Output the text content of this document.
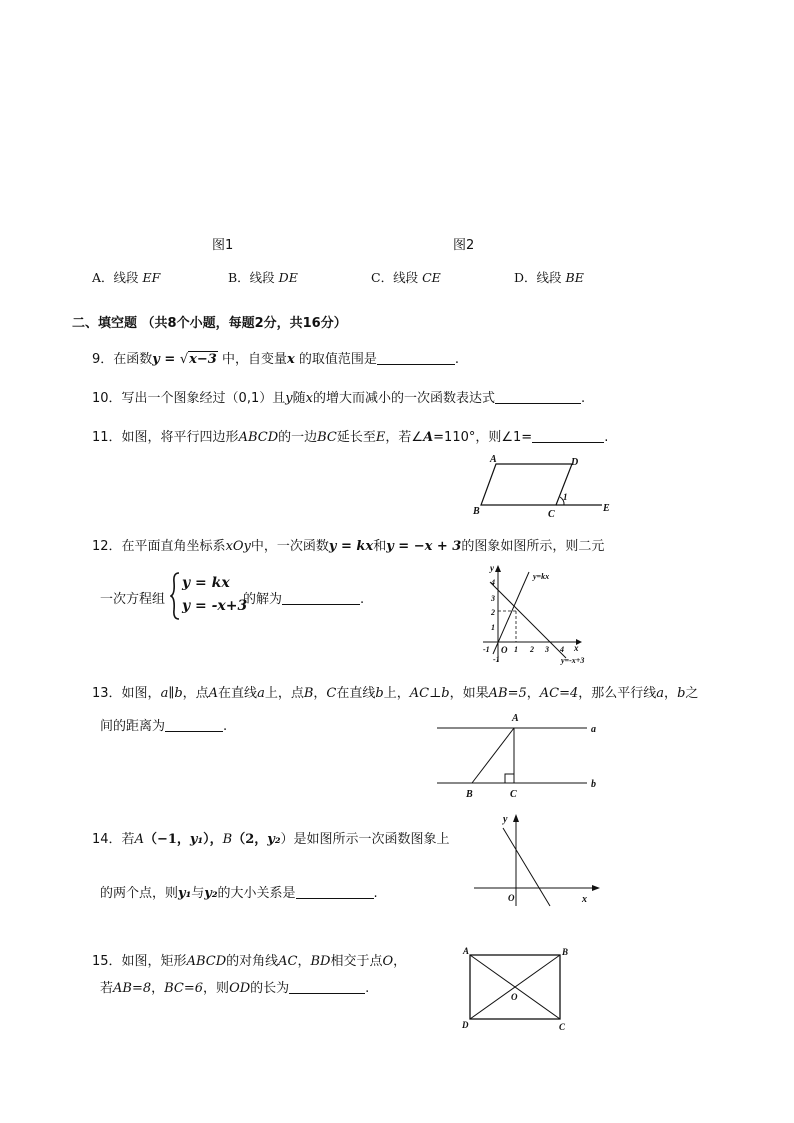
图1	图2
A．线段 EF	B．线段 DE	C．线段 CE	D．线段 BE
二、填空题 （共8个小题，每题2分，共16分）
9．在函数y = √x−3 中，自变量x 的取值范围是	.
10．写出一个图象经过（0,1）且y随x的增大而减小的一次函数表达式	.
11．如图，将平行四边形ABCD的一边BC延长至E，若∠A=110°，则∠1=	.
A	D
B	C
E
1
12．在平面直角坐标系xOy中，一次函数y = kx和y = −x + 3的图象如图所示，则二元
一次方程组
y = kx
y = -x+3
的解为	.
y
x
O
y=kx
y=-x+3
-1	1 2 3 4
4
3
2
1
-1
13．如图，a∥b，点A在直线a上，点B，C在直线b上，AC⊥b，如果AB=5，AC=4，那么平行线a，b之
间的距离为	.
A
B	C
a
b
14．若A（−1，y₁），B（2，y₂）是如图所示一次函数图象上
的两个点，则y₁与y₂的大小关系是	.
y
O	x
15．如图，矩形ABCD的对角线AC，BD相交于点O，
若AB=8，BC=6，则OD的长为	.
A	B
C
D
O
